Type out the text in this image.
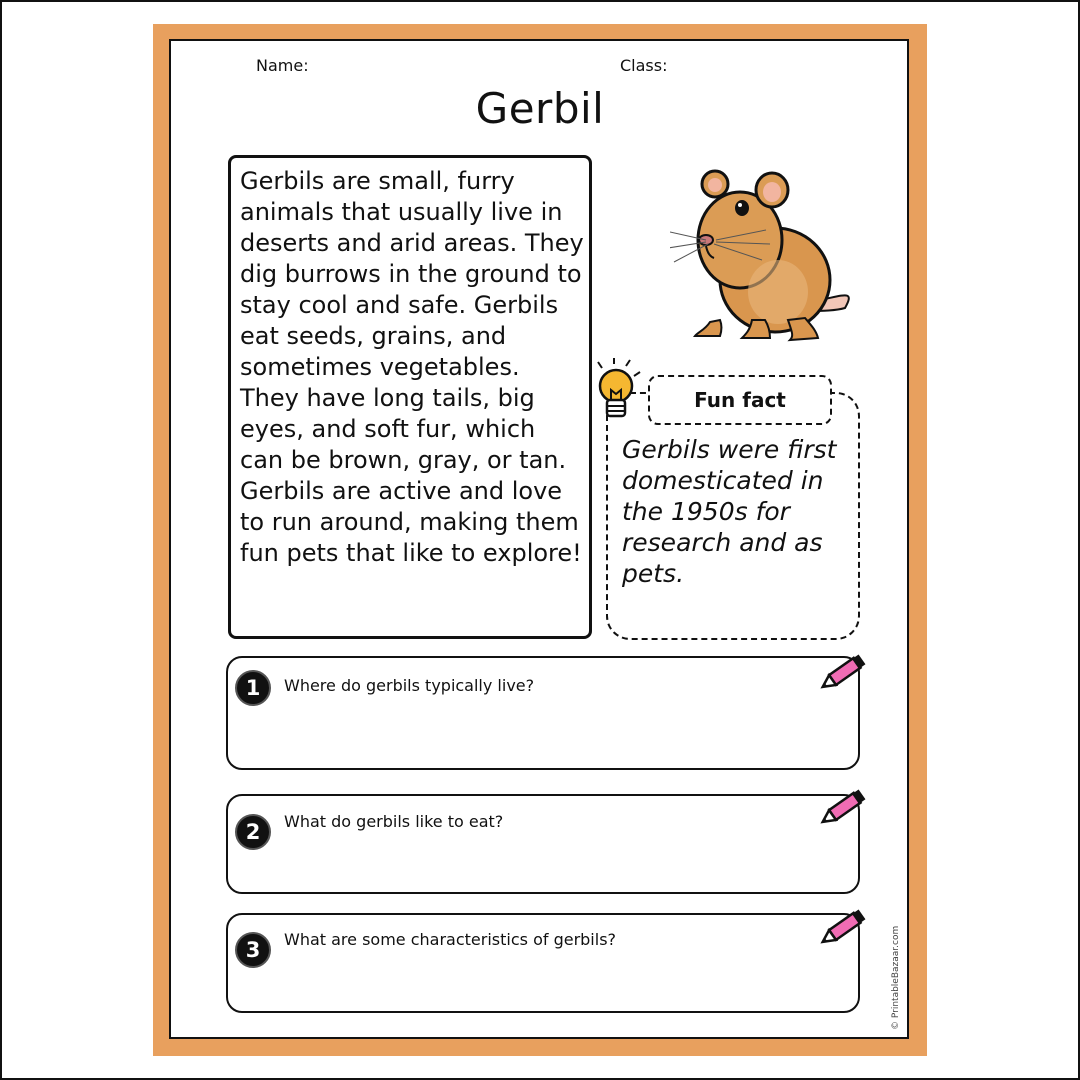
Name:	Class:
Gerbil
Gerbils are small, furry animals that usually live in deserts and arid areas. They dig burrows in the ground to stay cool and safe. Gerbils eat seeds, grains, and sometimes vegetables. They have long tails, big eyes, and soft fur, which can be brown, gray, or tan. Gerbils are active and love to run around, making them fun pets that like to explore!
Fun fact
Gerbils were first domesticated in the 1950s for research and as pets.
1	Where do gerbils typically live?
2	What do gerbils like to eat?
3	What are some characteristics of gerbils?	© PrintableBazaar.com
